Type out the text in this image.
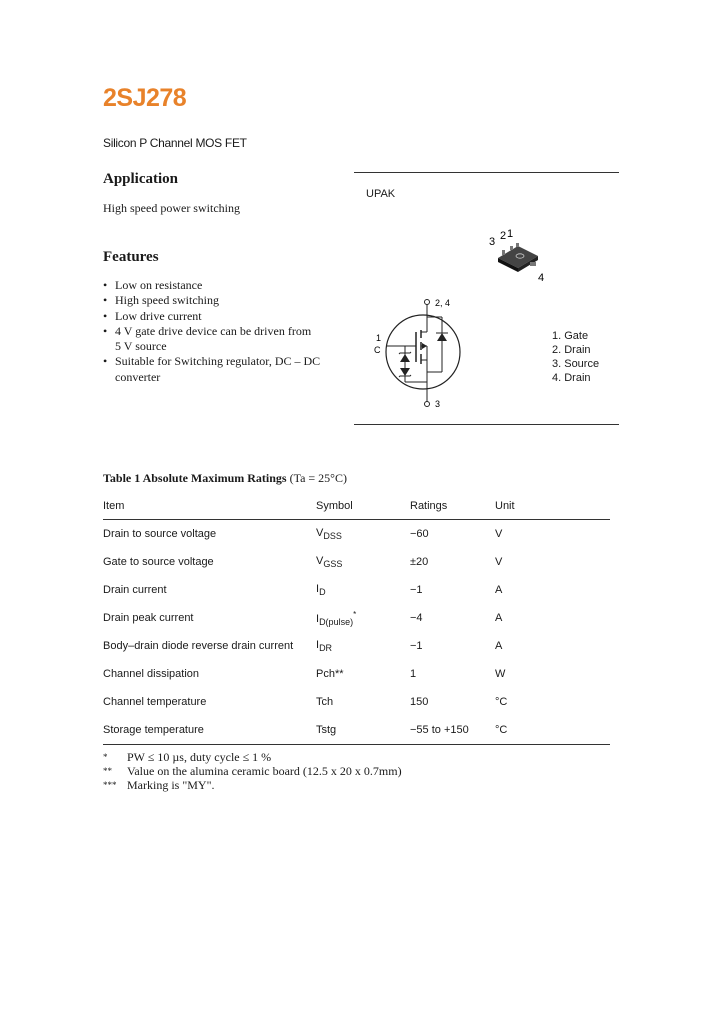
2SJ278
Silicon P Channel MOS FET
Application
High speed power switching
Features
• Low on resistance
• High speed switching
• Low drive current
• 4 V gate drive device can be driven from 5 V source
• Suitable for Switching regulator, DC – DC converter
UPAK
3 2 1
4
2, 4
3
1
C
1. Gate
2. Drain
3. Source
4. Drain
Table 1 Absolute Maximum Ratings (Ta = 25°C)
Item	Symbol	Ratings	Unit
Drain to source voltage	$V_{DSS}$	−60	V
Gate to source voltage	$V_{GSS}$	±20	V
Drain current	$I_D$	−1	A
Drain peak current	$I_{D(pulse)}^*$	−4	A
Body–drain diode reverse drain current	$I_{DR}$	−1	A
Channel dissipation	Pch**	1	W
Channel temperature	Tch	150	°C
Storage temperature	Tstg	−55 to +150	°C
*	PW ≤ 10 µs, duty cycle ≤ 1 %
**	Value on the alumina ceramic board (12.5 x 20 x 0.7mm)
*** Marking is "MY".
